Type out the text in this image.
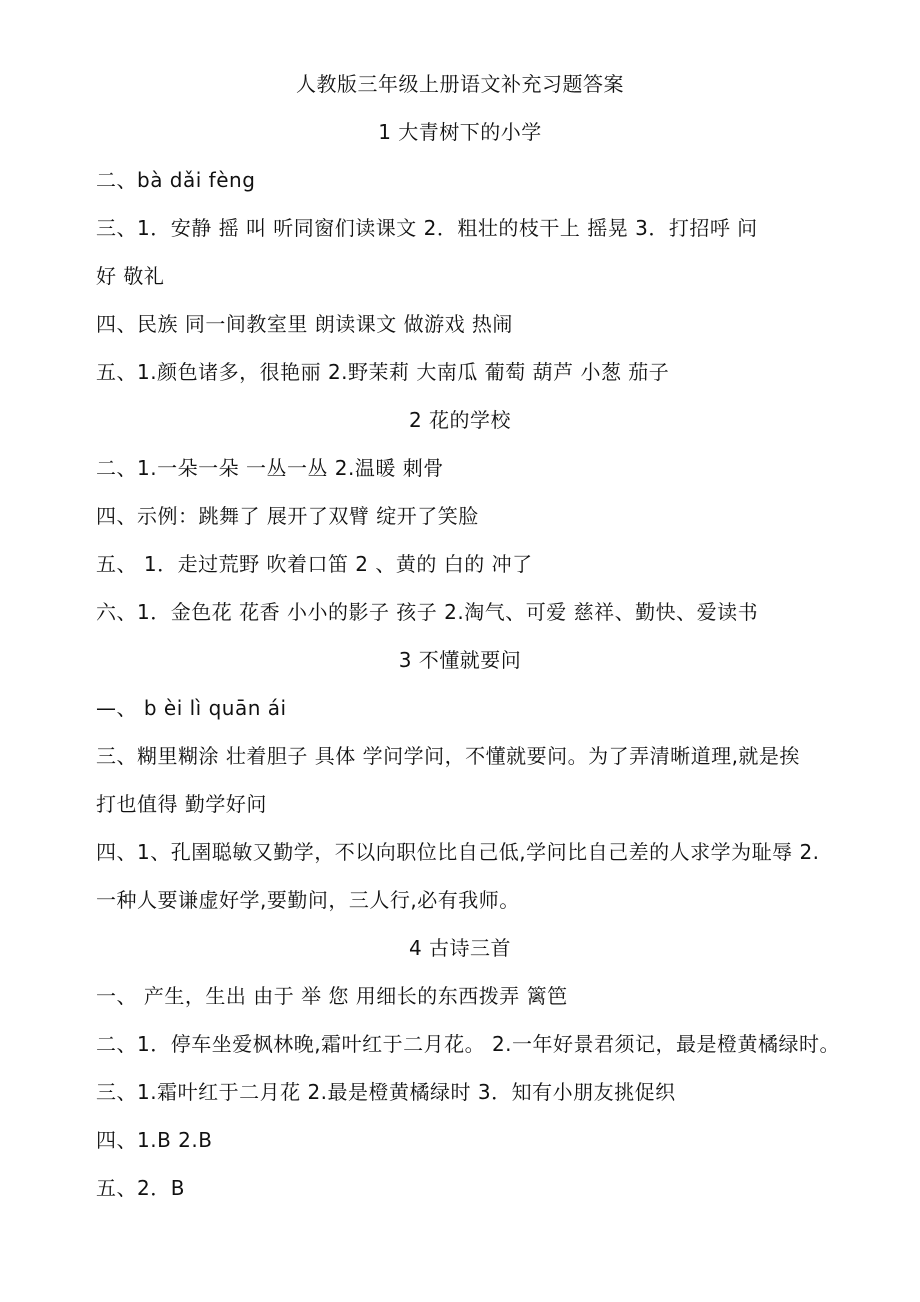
人教版三年级上册语文补充习题答案
1 大青树下的小学
二、bà dǎi fèng
三、1．安静 摇 叫 听同窗们读课文 2．粗壮的枝干上 摇晃 3．打招呼 问
好 敬礼
四、民族 同一间教室里 朗读课文 做游戏 热闹
五、1.颜色诸多，很艳丽 2.野茉莉 大南瓜 葡萄 葫芦 小葱 茄子
2 花的学校
二、1.一朵一朵 一丛一丛 2.温暖 刺骨
四、示例：跳舞了 展开了双臂 绽开了笑脸
五、 1．走过荒野 吹着口笛 2 、黄的 白的 冲了
六、1．金色花 花香 小小的影子 孩子 2.淘气、可爱 慈祥、勤快、爱读书
3 不懂就要问
—、 b èi lì quān ái
三、糊里糊涂 壮着胆子 具体 学问学问，不懂就要问。为了弄清晰道理,就是挨
打也值得 勤学好问
四、1、孔圉聪敏又勤学，不以向职位比自己低,学问比自己差的人求学为耻辱 2.
一种人要谦虚好学,要勤问，三人行,必有我师。
4 古诗三首
一、 产生，生出 由于 举 您 用细长的东西拨弄 篱笆
二、1．停车坐爱枫林晚,霜叶红于二月花。 2.一年好景君须记，最是橙黄橘绿时。
三、1.霜叶红于二月花 2.最是橙黄橘绿时 3．知有小朋友挑促织
四、1.B 2.B
五、2．B
